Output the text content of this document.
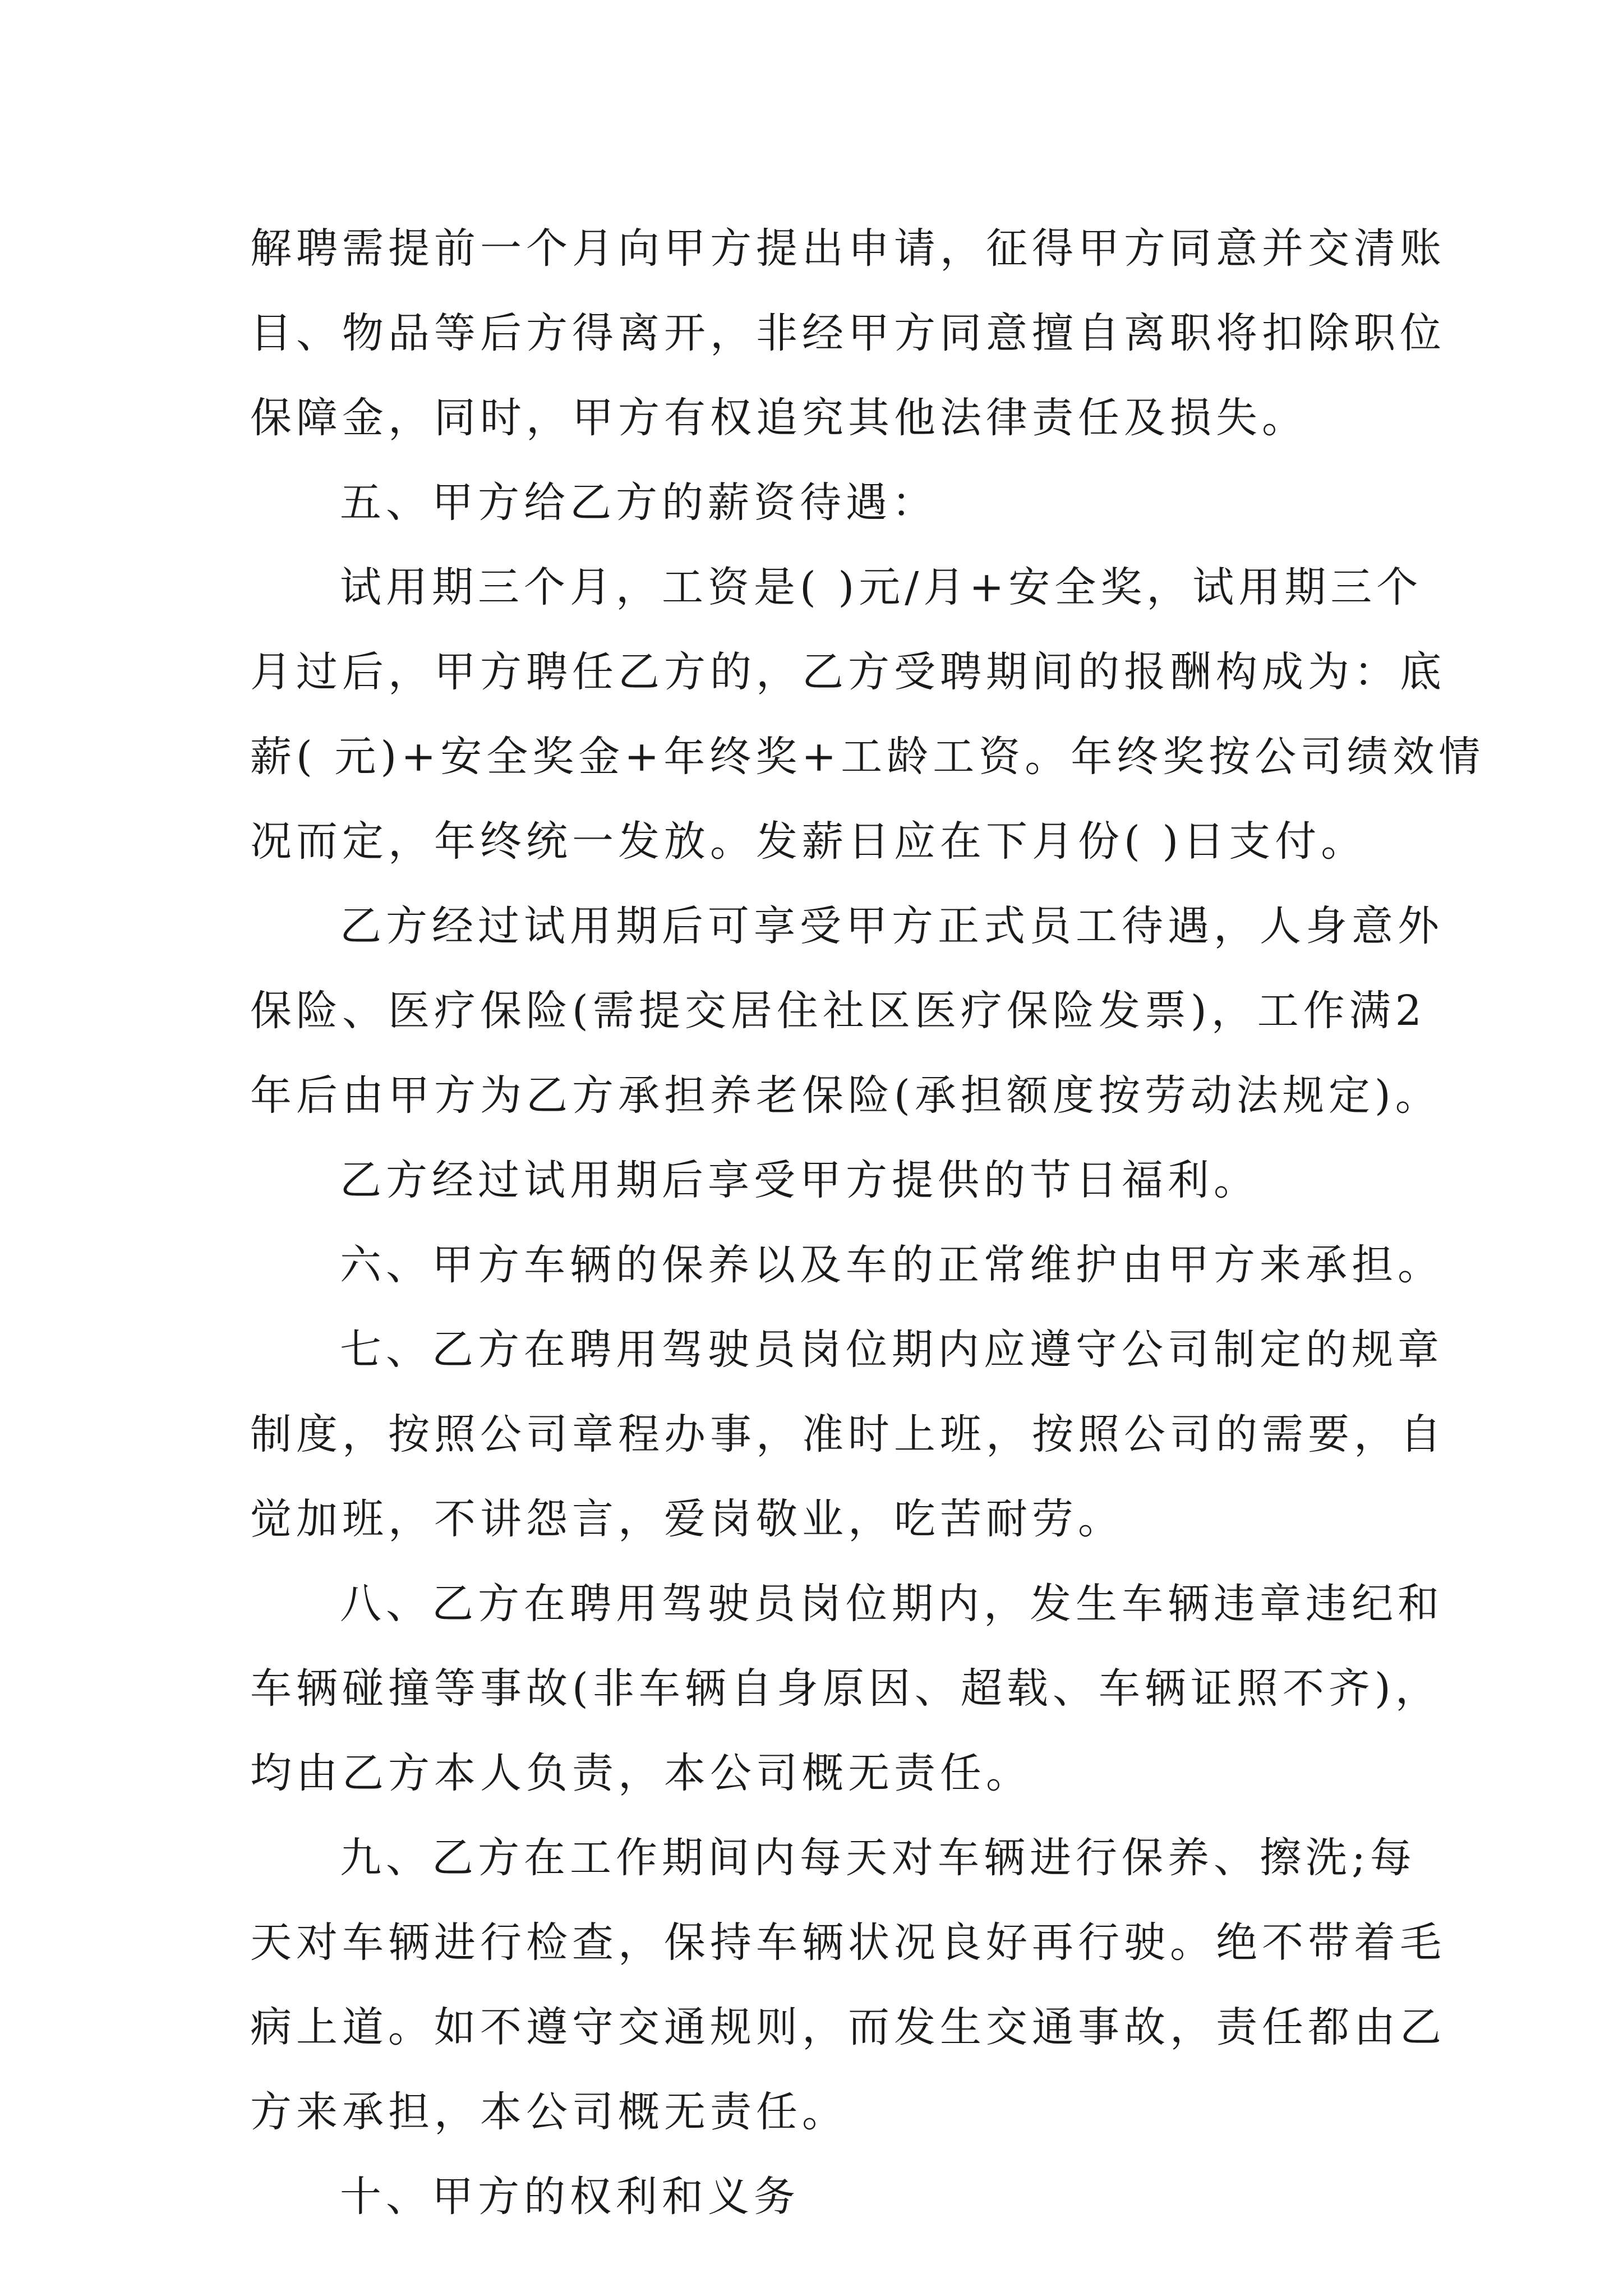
解聘需提前一个月向甲方提出申请，征得甲方同意并交清账
目、物品等后方得离开，非经甲方同意擅自离职将扣除职位
保障金，同时，甲方有权追究其他法律责任及损失。
五、甲方给乙方的薪资待遇：
试用期三个月，工资是( )元/月+安全奖，试用期三个
月过后，甲方聘任乙方的，乙方受聘期间的报酬构成为：底
薪( 元)+安全奖金+年终奖+工龄工资。年终奖按公司绩效情
况而定，年终统一发放。发薪日应在下月份( )日支付。
乙方经过试用期后可享受甲方正式员工待遇，人身意外
保险、医疗保险(需提交居住社区医疗保险发票)，工作满2
年后由甲方为乙方承担养老保险(承担额度按劳动法规定)。
乙方经过试用期后享受甲方提供的节日福利。
六、甲方车辆的保养以及车的正常维护由甲方来承担。
七、乙方在聘用驾驶员岗位期内应遵守公司制定的规章
制度，按照公司章程办事，准时上班，按照公司的需要，自
觉加班，不讲怨言，爱岗敬业，吃苦耐劳。
八、乙方在聘用驾驶员岗位期内，发生车辆违章违纪和
车辆碰撞等事故(非车辆自身原因、超载、车辆证照不齐)，
均由乙方本人负责，本公司概无责任。
九、乙方在工作期间内每天对车辆进行保养、擦洗;每
天对车辆进行检查，保持车辆状况良好再行驶。绝不带着毛
病上道。如不遵守交通规则，而发生交通事故，责任都由乙
方来承担，本公司概无责任。
十、甲方的权利和义务
